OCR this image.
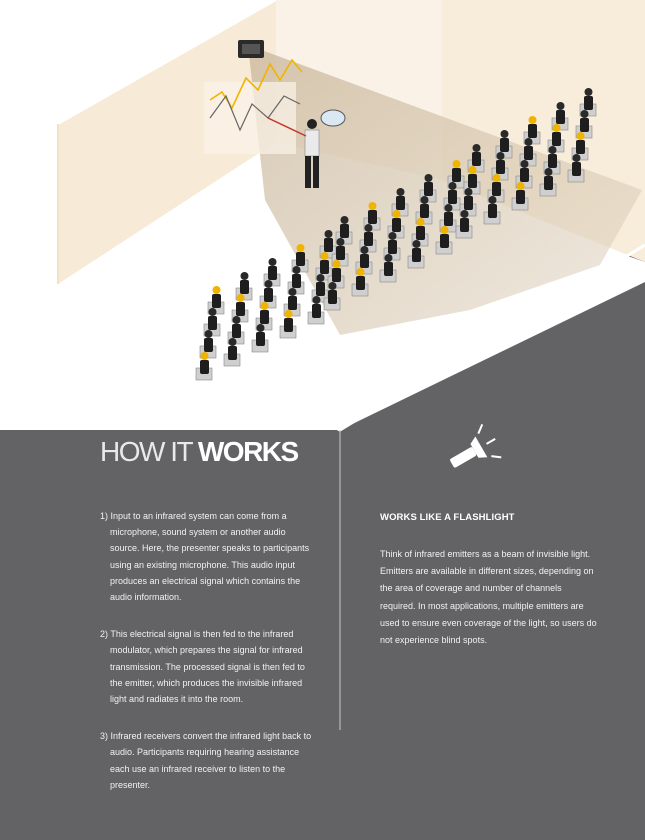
HOW IT WORKS
1) Input to an infrared system can come from a microphone, sound system or another audio source. Here, the presenter speaks to participants using an existing microphone. This audio input produces an electrical signal which contains the audio information.
2) This electrical signal is then fed to the infrared modulator, which prepares the signal for infrared transmission. The processed signal is then fed to the emitter, which produces the invisible infrared light and radiates it into the room.
3) Infrared receivers convert the infrared light back to audio. Participants requiring hearing assistance each use an infrared receiver to listen to the presenter.
WORKS LIKE A FLASHLIGHT

Think of infrared emitters as a beam of invisible light. Emitters are available in different sizes, depending on the area of coverage and number of channels required. In most applications, multiple emitters are used to ensure even coverage of the light, so users do not experience blind spots.
